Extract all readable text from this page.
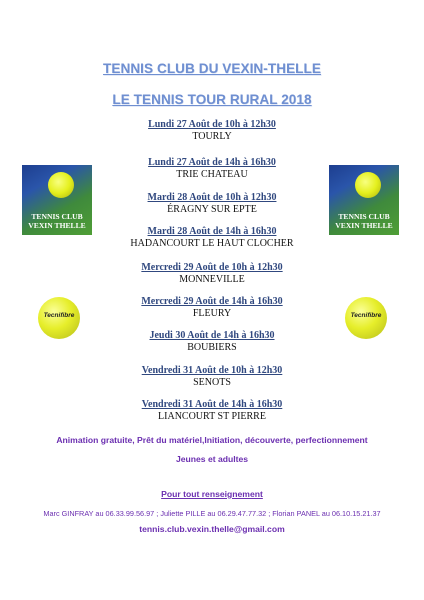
TENNIS CLUB DU VEXIN-THELLE
LE TENNIS TOUR RURAL 2018
Lundi 27 Août de 10h à 12h30
TOURLY
Lundi 27 Août de 14h à 16h30
TRIE CHATEAU
Mardi 28 Août de 10h à 12h30
ÉRAGNY SUR EPTE
Mardi 28 Août de 14h à 16h30
HADANCOURT LE HAUT CLOCHER
Mercredi 29 Août de 10h à 12h30
MONNEVILLE
Mercredi 29 Août de 14h à 16h30
FLEURY
Jeudi 30 Août de 14h à 16h30
BOUBIERS
Vendredi 31 Août de 10h à 12h30
SENOTS
Vendredi 31 Août de 14h à 16h30
LIANCOURT ST PIERRE
TENNIS CLUB
VEXIN THELLE
TENNIS CLUB
VEXIN THELLE
Tecnifibre	Tecnifibre
Animation gratuite, Prêt du matériel,Initiation, découverte, perfectionnement
Jeunes et adultes
Pour tout renseignement
Marc GINFRAY au 06.33.99.56.97 ; Juliette PILLE au 06.29.47.77.32 ; Florian PANEL au 06.10.15.21.37
tennis.club.vexin.thelle@gmail.com
